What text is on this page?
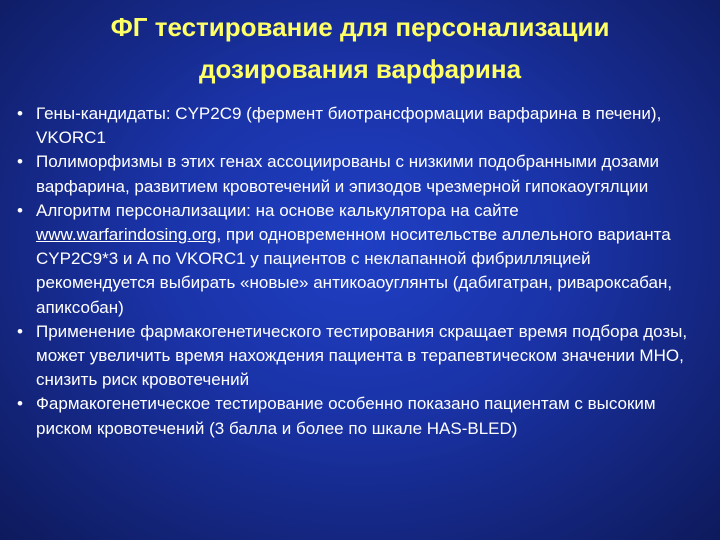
ФГ тестирование для персонализации
дозирования варфарина
• Гены-кандидаты: CYP2C9 (фермент биотрансформации варфарина в печени), VKORC1
• Полиморфизмы в этих генах ассоциированы с низкими подобранными дозами варфарина, развитием кровотечений и эпизодов чрезмерной гипокаоугялции
• Алгоритм персонализации: на основе калькулятора на сайте www.warfarindosing.org, при одновременном носительстве аллельного варианта CYP2C9*3 и A по VKORC1 у пациентов с неклапанной фибрилляцией рекомендуется выбирать «новые» антикоаоуглянты (дабигатран, ривароксабан, апиксобан)
• Применение фармакогенетического тестирования скращает время подбора дозы, может увеличить время нахождения пациента в терапевтическом значении МНО, снизить риск кровотечений
• Фармакогенетическое тестирование особенно показано пациентам с высоким риском кровотечений (3 балла и более по шкале HAS-BLED)
